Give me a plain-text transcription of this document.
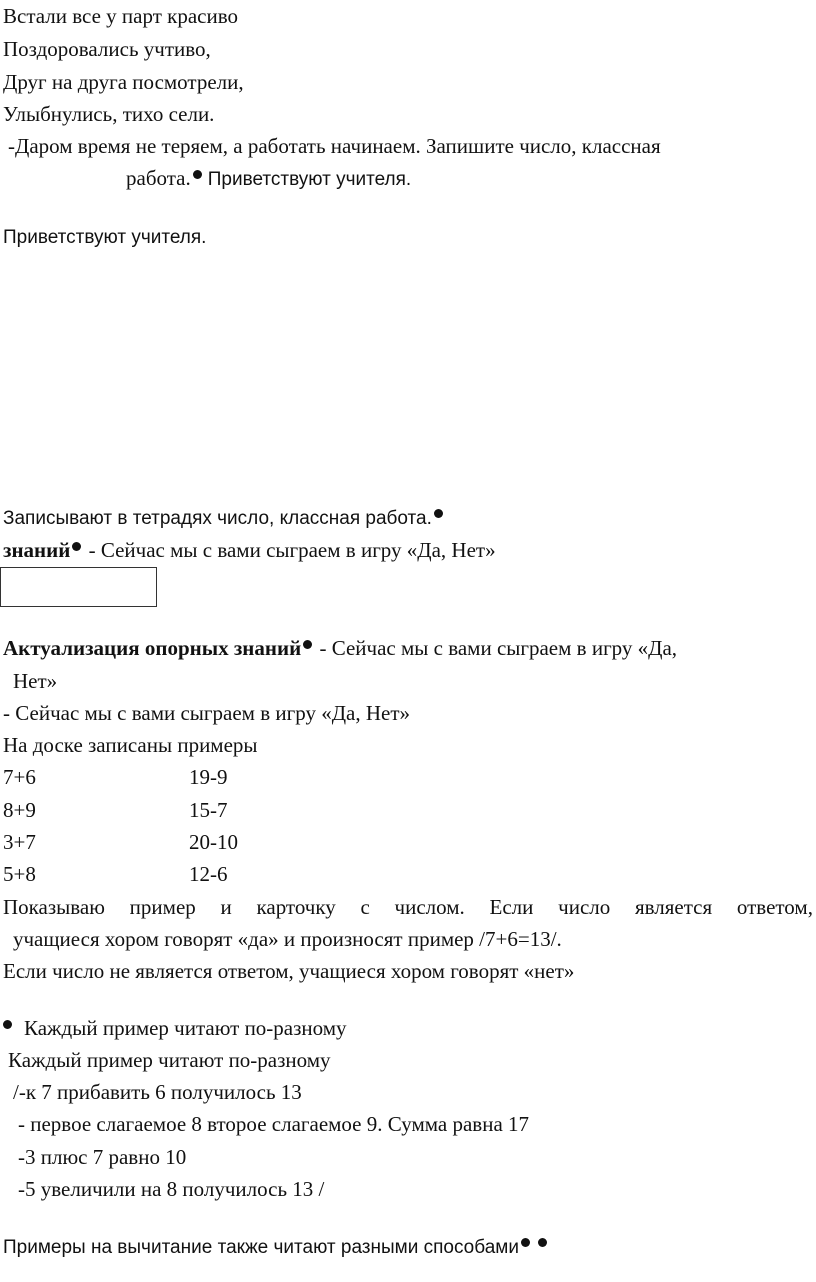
Встали все у парт красиво
Поздоровались учтиво,
Друг на друга посмотрели,
Улыбнулись, тихо сели.
-Даром время не теряем, а работать начинаем. Запишите число, классная
работа. Приветствуют учителя.
Приветствуют учителя.
Записывают в тетрадях число, классная работа.
знаний - Сейчас мы с вами сыграем в игру «Да, Нет»
Актуализация опорных знаний - Сейчас мы с вами сыграем в игру «Да,
Нет»
- Сейчас мы с вами сыграем в игру «Да, Нет»
На доске записаны примеры
7+6	19-9
8+9	15-7
3+7	20-10
5+8	12-6
Показываю пример и карточку с числом. Если число является ответом,
учащиеся хором говорят «да» и произносят пример /7+6=13/.
Если число не является ответом, учащиеся хором говорят «нет»
Каждый пример читают по-разному
Каждый пример читают по-разному
/-к 7 прибавить 6 получилось 13
- первое слагаемое 8 второе слагаемое 9. Сумма равна 17
-3 плюс 7 равно 10
-5 увеличили на 8 получилось 13 /
Примеры на вычитание также читают разными способами
